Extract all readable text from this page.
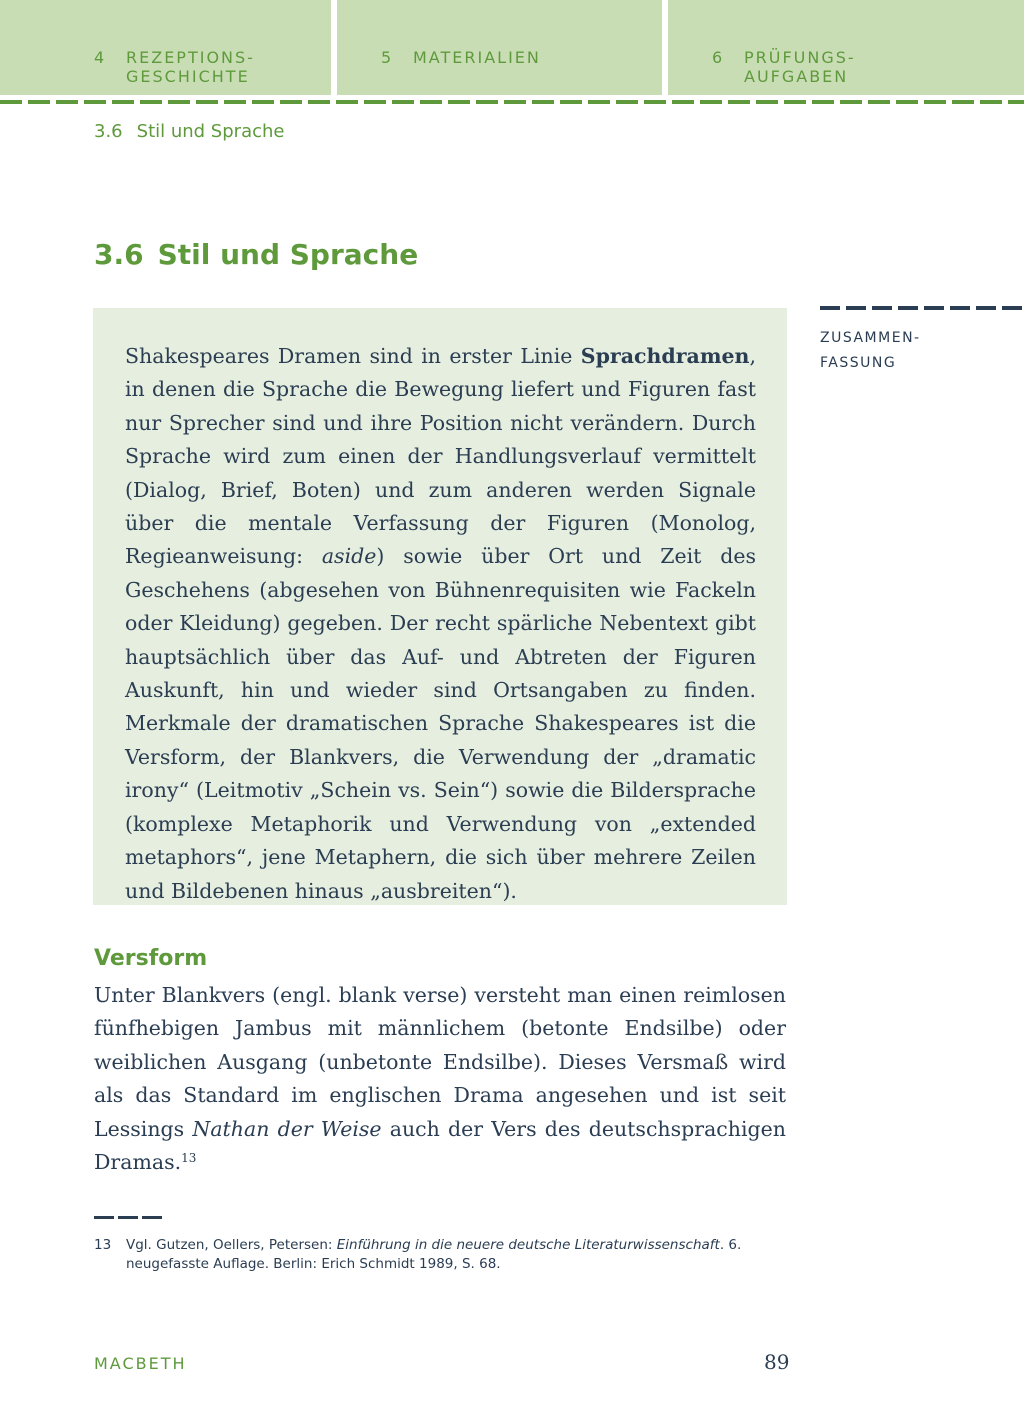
4 REZEPTIONS-
GESCHICHTE
5 MATERIALIEN	6 PRÜFUNGS-
AUFGABEN
3.6 Stil und Sprache
3.6 Stil und Sprache
Shakespeares Dramen sind in erster Linie Sprachdramen, in denen die Sprache die Bewegung liefert und Figuren fast nur Sprecher sind und ihre Position nicht verändern. Durch Sprache wird zum einen der Handlungsverlauf vermittelt (Dialog, Brief, Boten) und zum anderen werden Signale über die mentale Verfassung der Figuren (Monolog, Regieanweisung: aside) sowie über Ort und Zeit des Geschehens (abgesehen von Bühnenrequisiten wie Fackeln oder Kleidung) gegeben. Der recht spärliche Nebentext gibt hauptsächlich über das Auf- und Abtreten der Figuren Auskunft, hin und wieder sind Ortsangaben zu finden. Merkmale der dramatischen Sprache Shakespeares ist die Versform, der Blankvers, die Verwendung der „dramatic irony“ (Leitmotiv „Schein vs. Sein“) sowie die Bildersprache (komplexe Metaphorik und Verwendung von „extended metaphors“, jene Metaphern, die sich über mehrere Zeilen und Bildebenen hinaus „ausbreiten“).
ZUSAMMEN-
FASSUNG
Versform
Unter Blankvers (engl. blank verse) versteht man einen reimlosen fünfhebigen Jambus mit männlichem (betonte Endsilbe) oder weiblichen Ausgang (unbetonte Endsilbe). Dieses Versmaß wird als das Standard im englischen Drama angesehen und ist seit Lessings Nathan der Weise auch der Vers des deutschsprachigen Dramas.$^{13}$
13 Vgl. Gutzen, Oellers, Petersen: Einführung in die neuere deutsche Literaturwissenschaft. 6. neugefasste Auflage. Berlin: Erich Schmidt 1989, S. 68.
MACBETH	89
